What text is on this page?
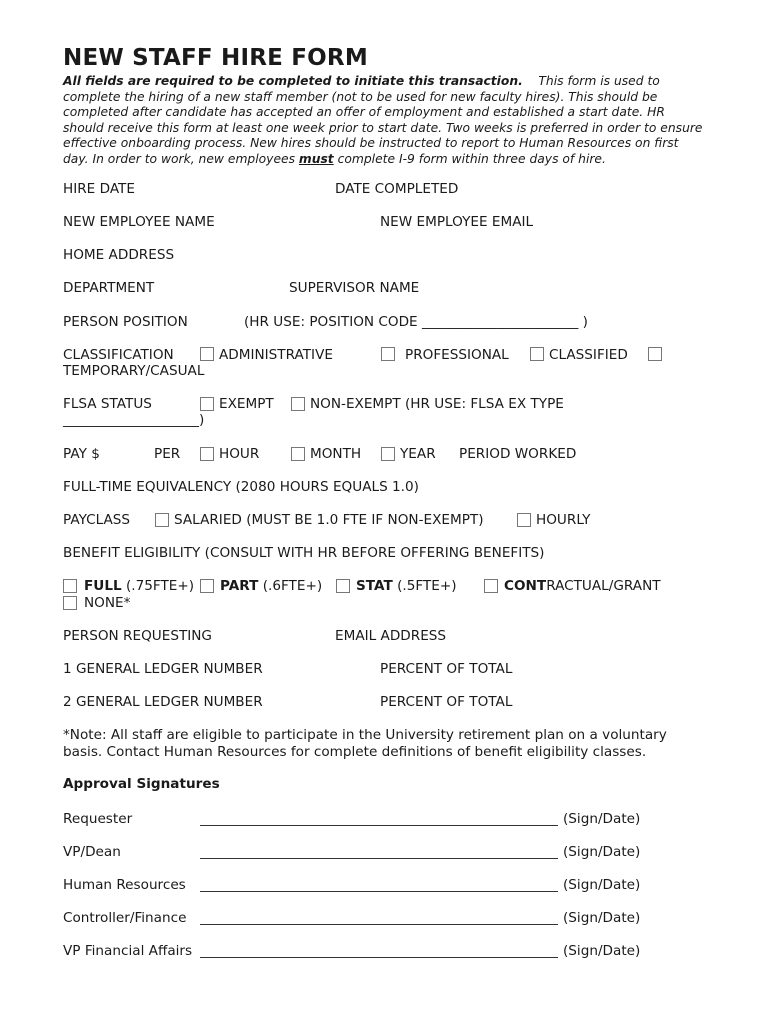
NEW STAFF HIRE FORM
All fields are required to be completed to initiate this transaction. This form is used to complete the hiring of a new staff member (not to be used for new faculty hires). This should be completed after candidate has accepted an offer of employment and established a start date. HR should receive this form at least one week prior to start date. Two weeks is preferred in order to ensure effective onboarding process. New hires should be instructed to report to Human Resources on first day. In order to work, new employees must complete I-9 form within three days of hire.
HIRE DATE	DATE COMPLETED
NEW EMPLOYEE NAME	NEW EMPLOYEE EMAIL
HOME ADDRESS
DEPARTMENT	SUPERVISOR NAME
PERSON POSITION	(HR USE: POSITION CODE _______________________ )
CLASSIFICATION	ADMINISTRATIVE	PROFESSIONAL	CLASSIFIED
TEMPORARY/CASUAL
FLSA STATUS	EXEMPT	NON-EXEMPT (HR USE: FLSA EX TYPE
____________________)
PAY $	PER	HOUR	MONTH	YEAR PERIOD WORKED
FULL-TIME EQUIVALENCY (2080 HOURS EQUALS 1.0)
PAYCLASS	SALARIED (MUST BE 1.0 FTE IF NON-EXEMPT)	HOURLY
BENEFIT ELIGIBILITY (CONSULT WITH HR BEFORE OFFERING BENEFITS)
FULL (.75FTE+) PART (.6FTE+) STAT (.5FTE+)	CONTRACTUAL/GRANT
NONE*
PERSON REQUESTING	EMAIL ADDRESS
1 GENERAL LEDGER NUMBER	PERCENT OF TOTAL
2 GENERAL LEDGER NUMBER	PERCENT OF TOTAL
*Note: All staff are eligible to participate in the University retirement plan on a voluntary
basis. Contact Human Resources for complete definitions of benefit eligibility classes.
Approval Signatures
Requester	(Sign/Date)
VP/Dean	(Sign/Date)
Human Resources	(Sign/Date)
Controller/Finance	(Sign/Date)
VP Financial Affairs	(Sign/Date)
